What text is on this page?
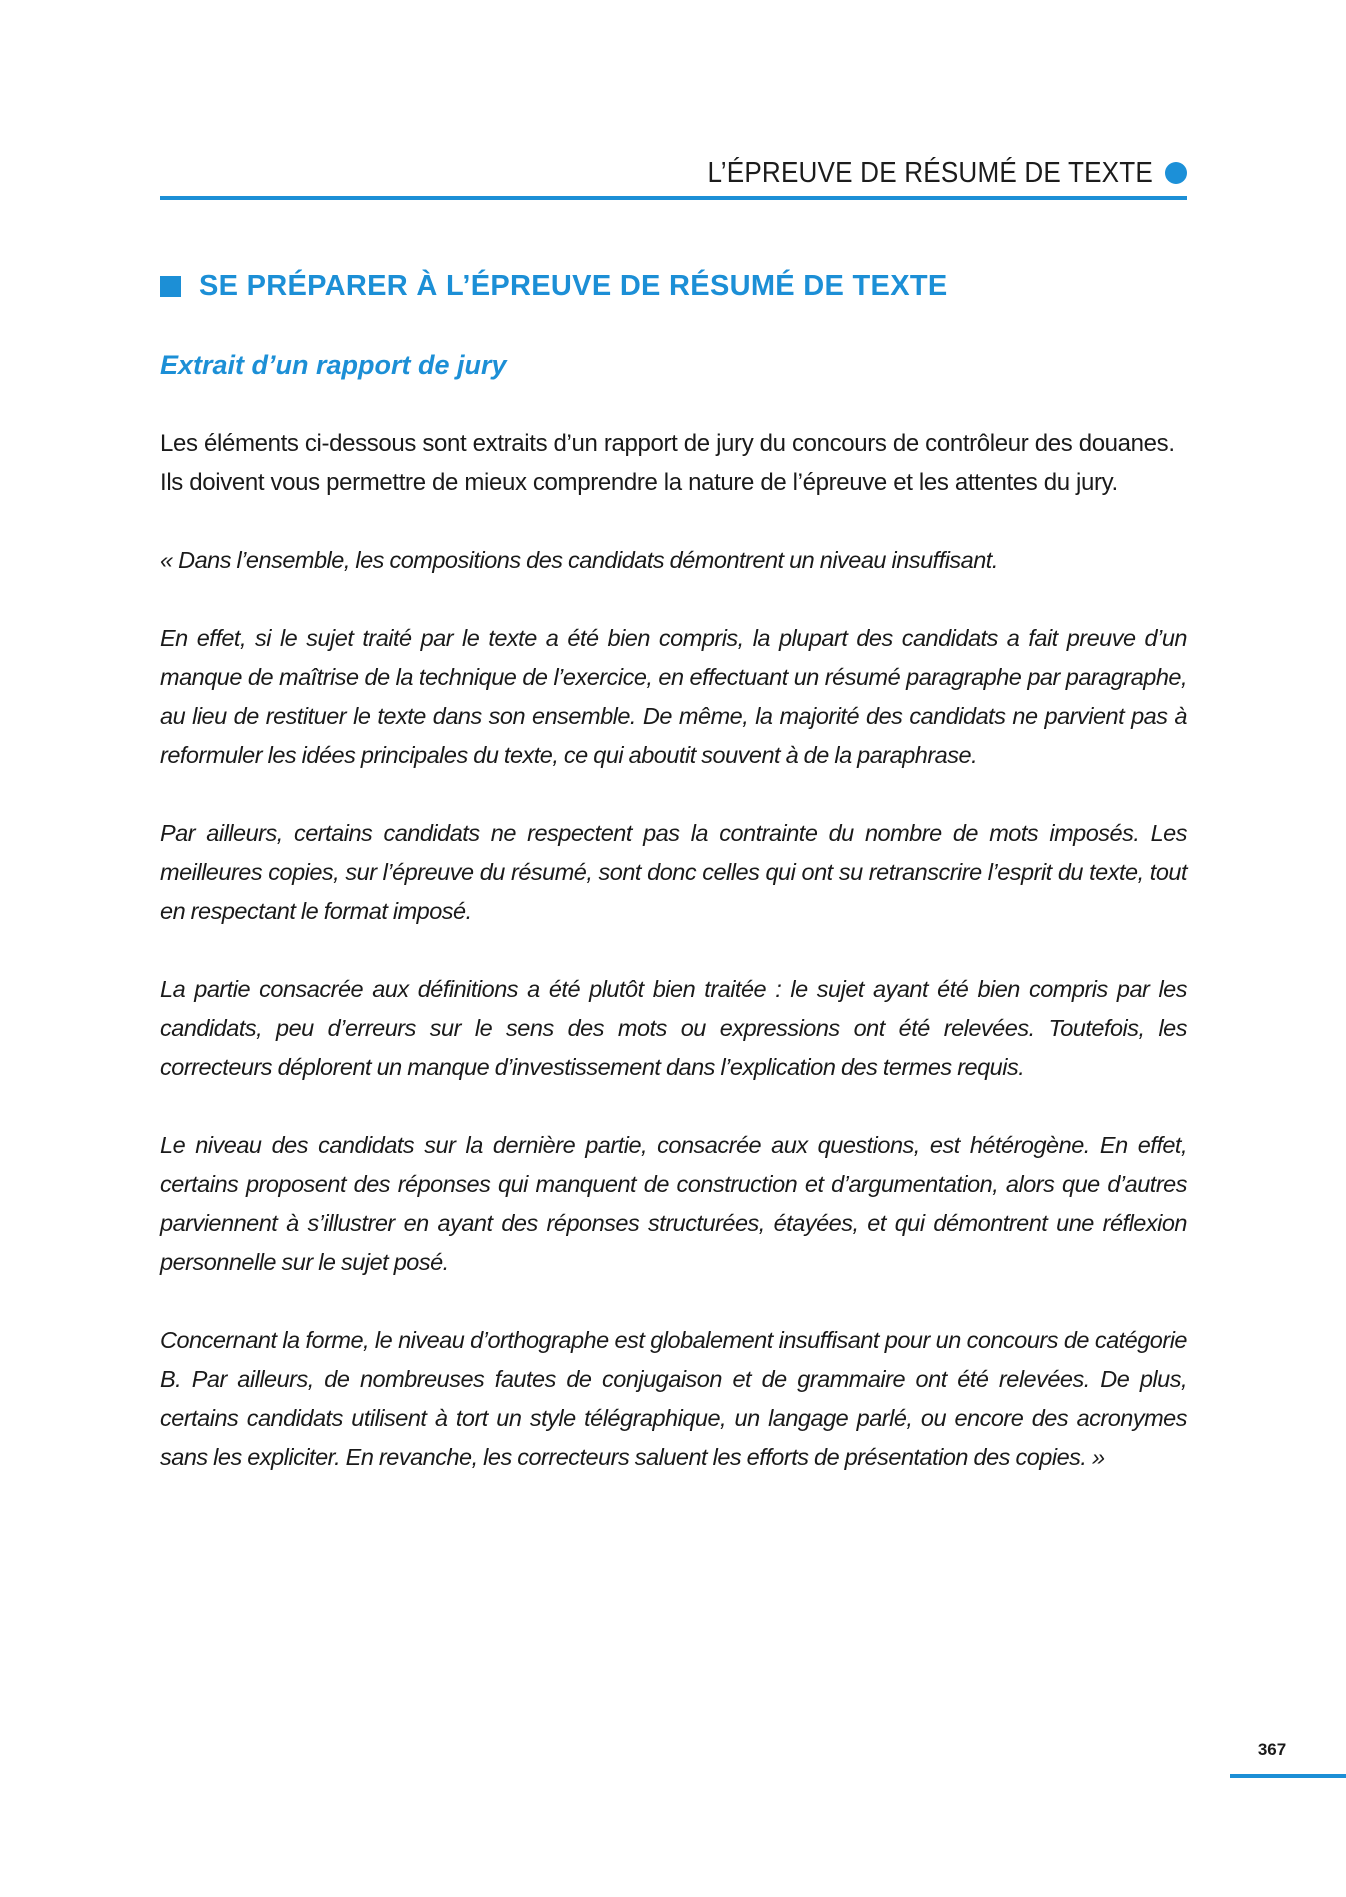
L’ÉPREUVE DE RÉSUMÉ DE TEXTE
SE PRÉPARER À L’ÉPREUVE DE RÉSUMÉ DE TEXTE
Extrait d’un rapport de jury

Les éléments ci-dessous sont extraits d’un rapport de jury du concours de contrôleur des douanes. Ils doivent vous permettre de mieux comprendre la nature de l’épreuve et les attentes du jury.

« Dans l’ensemble, les compositions des candidats démontrent un niveau insuffisant.

En effet, si le sujet traité par le texte a été bien compris, la plupart des candidats a fait preuve d’un manque de maîtrise de la technique de l’exercice, en effectuant un résumé paragraphe par paragraphe, au lieu de restituer le texte dans son ensemble. De même, la majorité des candidats ne parvient pas à reformuler les idées principales du texte, ce qui aboutit souvent à de la paraphrase.

Par ailleurs, certains candidats ne respectent pas la contrainte du nombre de mots imposés. Les meilleures copies, sur l’épreuve du résumé, sont donc celles qui ont su retranscrire l’esprit du texte, tout en respectant le format imposé.

La partie consacrée aux définitions a été plutôt bien traitée : le sujet ayant été bien compris par les candidats, peu d’erreurs sur le sens des mots ou expressions ont été relevées. Toutefois, les correcteurs déplorent un manque d’investissement dans l’explication des termes requis.

Le niveau des candidats sur la dernière partie, consacrée aux questions, est hétérogène. En effet, certains proposent des réponses qui manquent de construction et d’argumentation, alors que d’autres parviennent à s’illustrer en ayant des réponses structurées, étayées, et qui démontrent une réflexion personnelle sur le sujet posé.

Concernant la forme, le niveau d’orthographe est globalement insuffisant pour un concours de catégorie B. Par ailleurs, de nombreuses fautes de conjugaison et de grammaire ont été relevées. De plus, certains candidats utilisent à tort un style télégraphique, un langage parlé, ou encore des acronymes sans les expliciter. En revanche, les correcteurs saluent les efforts de présentation des copies. »

367
